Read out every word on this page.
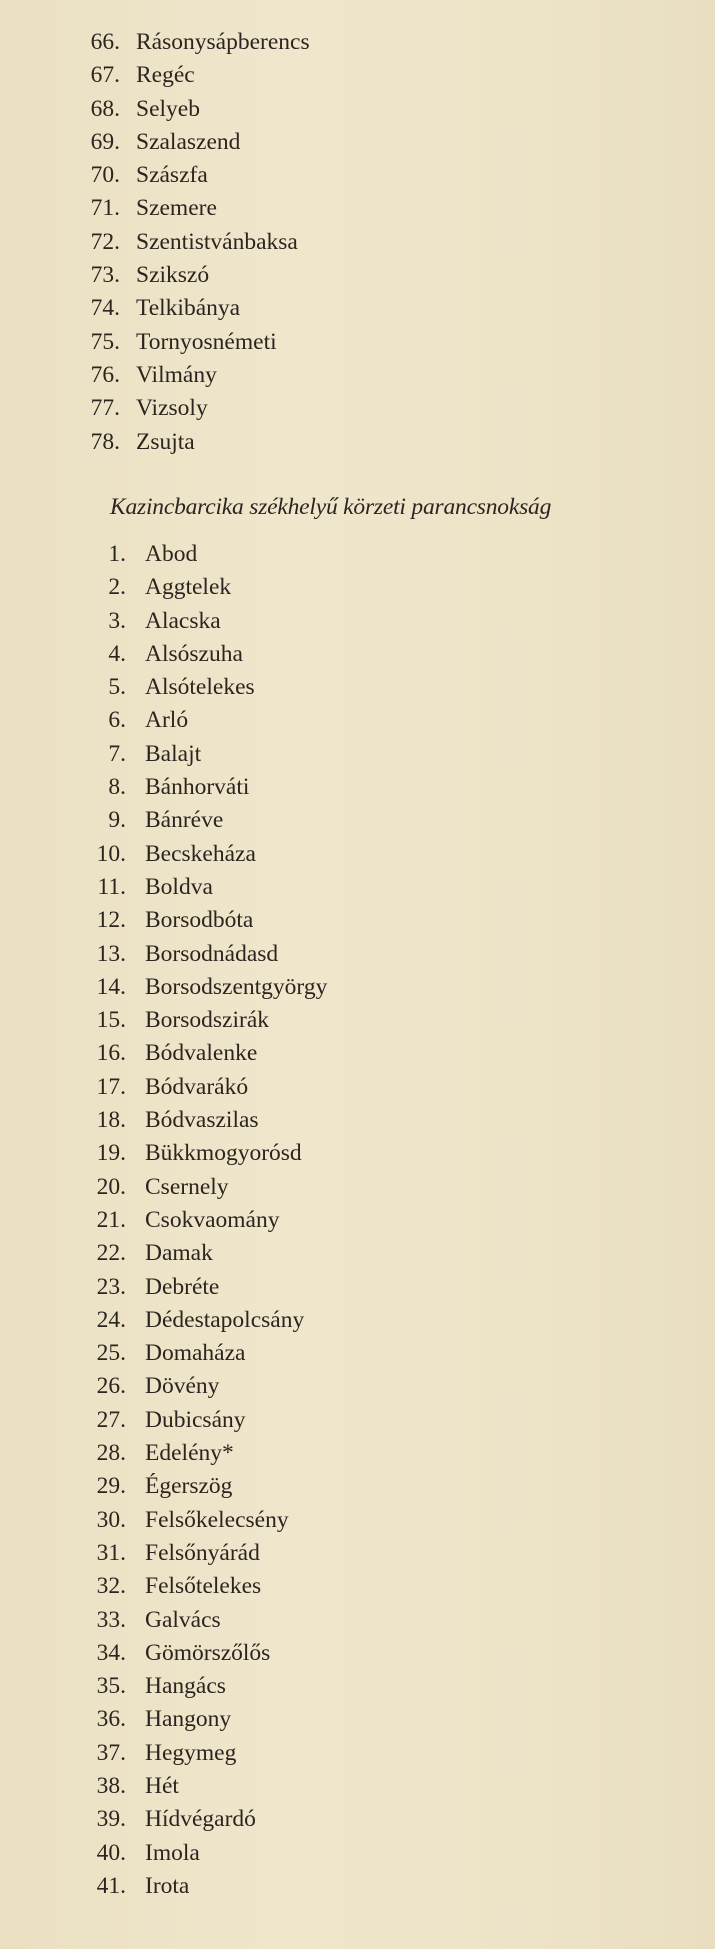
66. Rásonysápberencs
67. Regéc
68. Selyeb
69. Szalaszend
70. Szászfa
71. Szemere
72. Szentistvánbaksa
73. Szikszó
74. Telkibánya
75. Tornyosnémeti
76. Vilmány
77. Vizsoly
78. Zsujta
Kazincbarcika székhelyű körzeti parancsnokság
1. Abod
2. Aggtelek
3. Alacska
4. Alsószuha
5. Alsótelekes
6. Arló
7. Balajt
8. Bánhorváti
9. Bánréve
10. Becskeháza
11. Boldva
12. Borsodbóta
13. Borsodnádasd
14. Borsodszentgyörgy
15. Borsodszirák
16. Bódvalenke
17. Bódvarákó
18. Bódvaszilas
19. Bükkmogyorósd
20. Csernely
21. Csokvaomány
22. Damak
23. Debréte
24. Dédestapolcsány
25. Domaháza
26. Dövény
27. Dubicsány
28. Edelény*
29. Égerszög
30. Felsőkelecsény
31. Felsőnyárád
32. Felsőtelekes
33. Galvács
34. Gömörszőlős
35. Hangács
36. Hangony
37. Hegymeg
38. Hét
39. Hídvégardó
40. Imola
41. Irota
